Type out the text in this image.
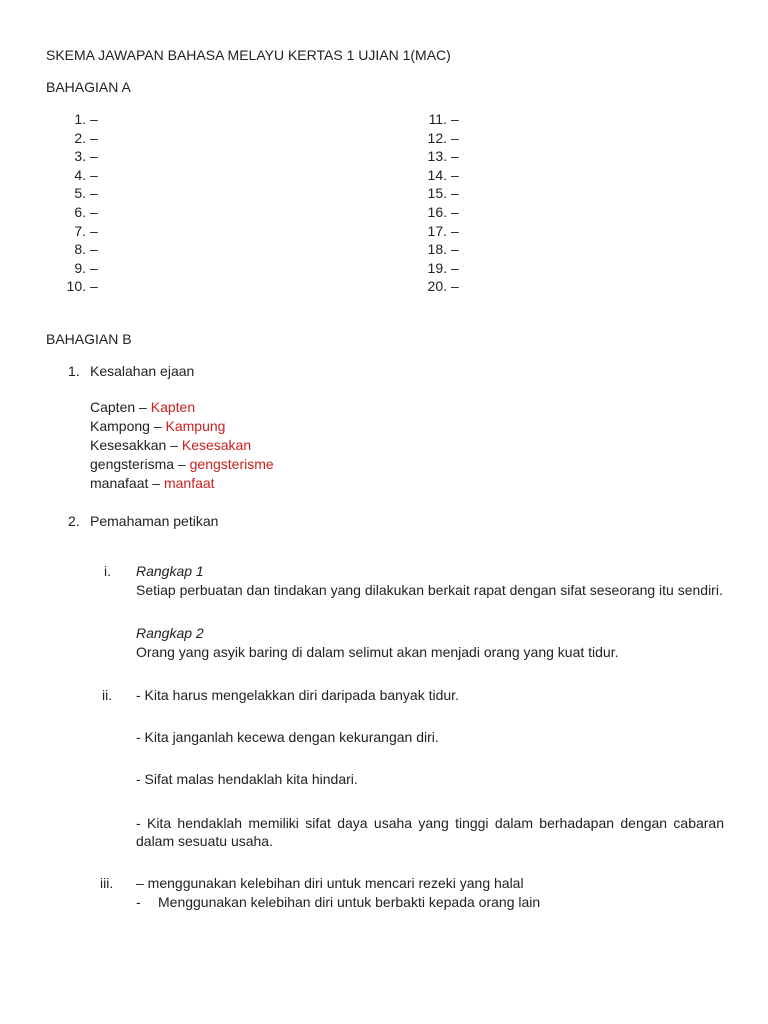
SKEMA JAWAPAN BAHASA MELAYU KERTAS 1 UJIAN 1(MAC)
BAHAGIAN A
1. –
2. –
3. –
4. –
5. –
6. –
7. –
8. –
9. –
10. –
11. –
12. –
13. –
14. –
15. –
16. –
17. –
18. –
19. –
20. –
BAHAGIAN B
1. Kesalahan ejaan
Capten – Kapten
Kampong – Kampung
Kesesakkan – Kesesakan
gengsterisma – gengsterisme
manafaat – manfaat
2. Pemahaman petikan
i. Rangkap 1
Setiap perbuatan dan tindakan yang dilakukan berkait rapat dengan sifat seseorang itu sendiri.
Rangkap 2
Orang yang asyik baring di dalam selimut akan menjadi orang yang kuat tidur.
ii. - Kita harus mengelakkan diri daripada banyak tidur.
- Kita janganlah kecewa dengan kekurangan diri.
- Sifat malas hendaklah kita hindari.
- Kita hendaklah memiliki sifat daya usaha yang tinggi dalam berhadapan dengan cabaran dalam sesuatu usaha.
iii. – menggunakan kelebihan diri untuk mencari rezeki yang halal
- Menggunakan kelebihan diri untuk berbakti kepada orang lain
